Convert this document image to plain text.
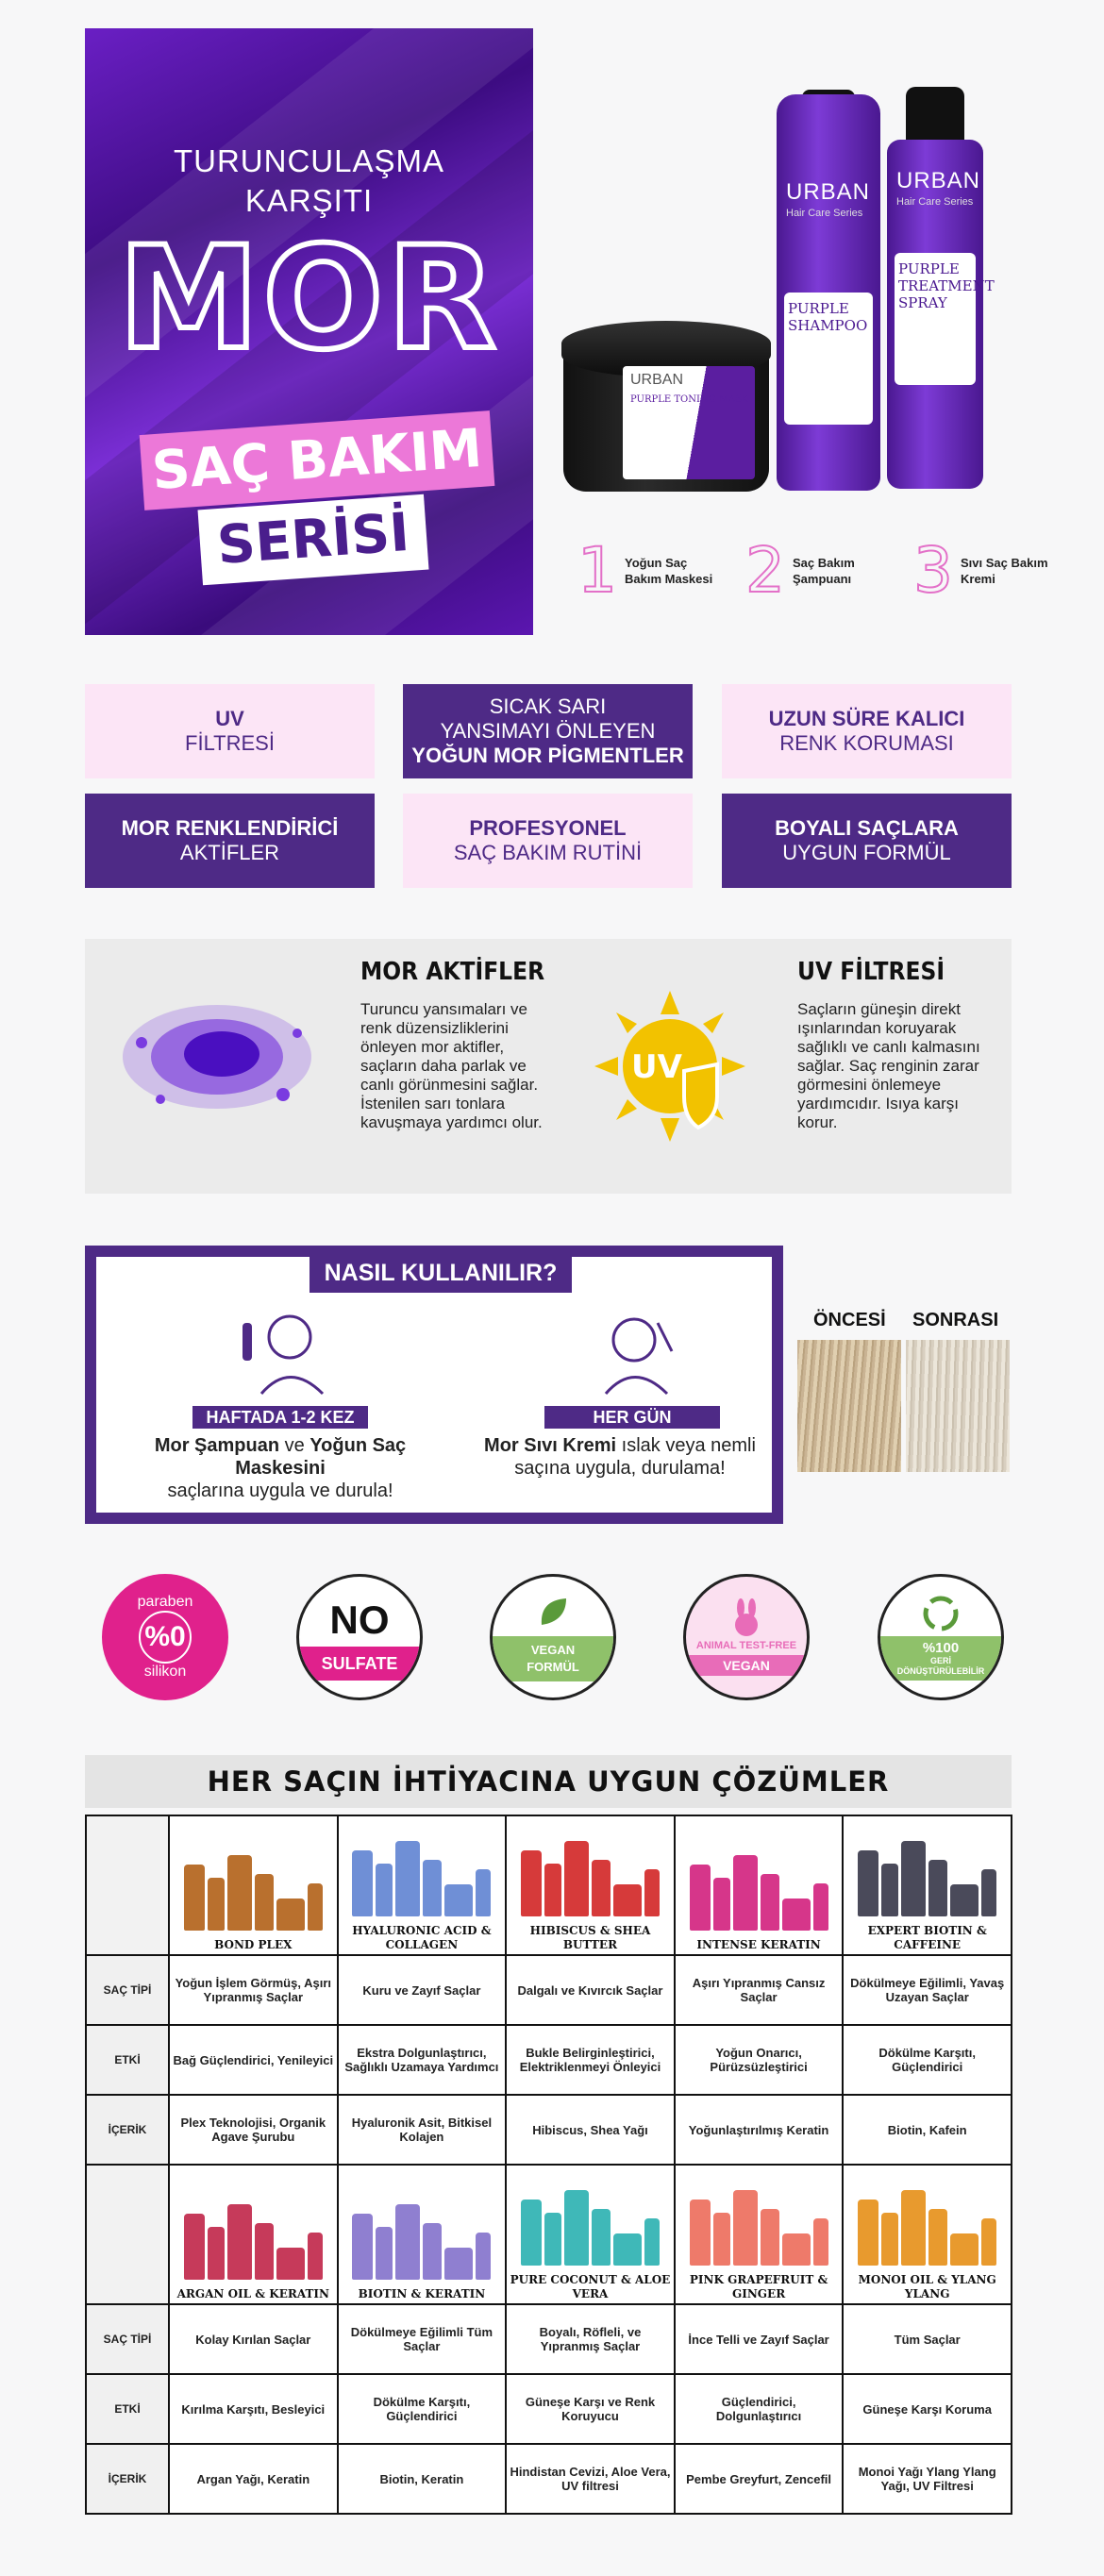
TURUNCULAŞMA
KARŞITI
MOR
SAÇ BAKIM
SERİSİ
URBAN
Hair Care Series
PURPLE SHAMPOO
URBAN
Hair Care Series
PURPLE TREATMENT SPRAY
URBAN
PURPLE TONING MASK
1 Yoğun Saç Bakım Maskesi 2 Saç Bakım Şampuanı 3 Sıvı Saç Bakım Kremi
UV
FİLTRESİ
SICAK SARI
YANSIMAYI ÖNLEYEN
YOĞUN MOR PİGMENTLER
UZUN SÜRE KALICI
RENK KORUMASI
MOR RENKLENDİRİCİ
AKTİFLER
PROFESYONEL
SAÇ BAKIM RUTİNİ
BOYALI SAÇLARA
UYGUN FORMÜL
MOR AKTİFLER
Turuncu yansımaları ve renk düzensizliklerini önleyen mor aktifler, saçların daha parlak ve canlı görünmesini sağlar. İstenilen sarı tonlara kavuşmaya yardımcı olur.
UV
UV FİLTRESİ
Saçların güneşin direkt ışınlarından koruyarak sağlıklı ve canlı kalmasını sağlar. Saç renginin zarar görmesini önlemeye yardımcıdır. Isıya karşı korur.
NASIL KULLANILIR?
HAFTADA 1-2 KEZ
Mor Şampuan ve Yoğun Saç Maskesini
saçlarına uygula ve durula!
HER GÜN
Mor Sıvı Kremi ıslak veya nemli
saçına uygula, durulama!
ÖNCESİ SONRASI
paraben
%0
silikon
NO
SULFATE
VEGAN FORMÜL
ANIMAL TEST-FREE
VEGAN
%100
GERİ DÖNÜŞTÜRÜLEBİLİR
HER SAÇIN İHTİYACINA UYGUN ÇÖZÜMLER

	BOND PLEX	HYALURONIC ACID & COLLAGEN	HIBISCUS & SHEA BUTTER	INTENSE KERATIN	EXPERT BIOTIN & CAFFEINE

SAÇ TİPİ	Yoğun İşlem Görmüş, Aşırı Yıpranmış Saçlar	Kuru ve Zayıf Saçlar	Dalgalı ve Kıvırcık Saçlar	Aşırı Yıpranmış Cansız Saçlar	Dökülmeye Eğilimli, Yavaş Uzayan Saçlar
ETKİ	Bağ Güçlendirici, Yenileyici	Ekstra Dolgunlaştırıcı, Sağlıklı Uzamaya Yardımcı	Bukle Belirginleştirici, Elektriklenmeyi Önleyici	Yoğun Onarıcı, Pürüzsüzleştirici	Dökülme Karşıtı, Güçlendirici
İÇERİK	Plex Teknolojisi, Organik Agave Şurubu	Hyaluronik Asit, Bitkisel Kolajen	Hibiscus, Shea Yağı	Yoğunlaştırılmış Keratin	Biotin, Kafein

	ARGAN OIL & KERATIN	BIOTIN & KERATIN	PURE COCONUT & ALOE VERA	PINK GRAPEFRUIT & GINGER	MONOI OIL & YLANG YLANG

SAÇ TİPİ	Kolay Kırılan Saçlar	Dökülmeye Eğilimli Tüm Saçlar	Boyalı, Röfleli, ve Yıpranmış Saçlar	İnce Telli ve Zayıf Saçlar	Tüm Saçlar
ETKİ	Kırılma Karşıtı, Besleyici	Dökülme Karşıtı, Güçlendirici	Güneşe Karşı ve Renk Koruyucu	Güçlendirici, Dolgunlaştırıcı	Güneşe Karşı Koruma
İÇERİK	Argan Yağı, Keratin	Biotin, Keratin	Hindistan Cevizi, Aloe Vera, UV filtresi	Pembe Greyfurt, Zencefil	Monoi Yağı Ylang Ylang Yağı, UV Filtresi
